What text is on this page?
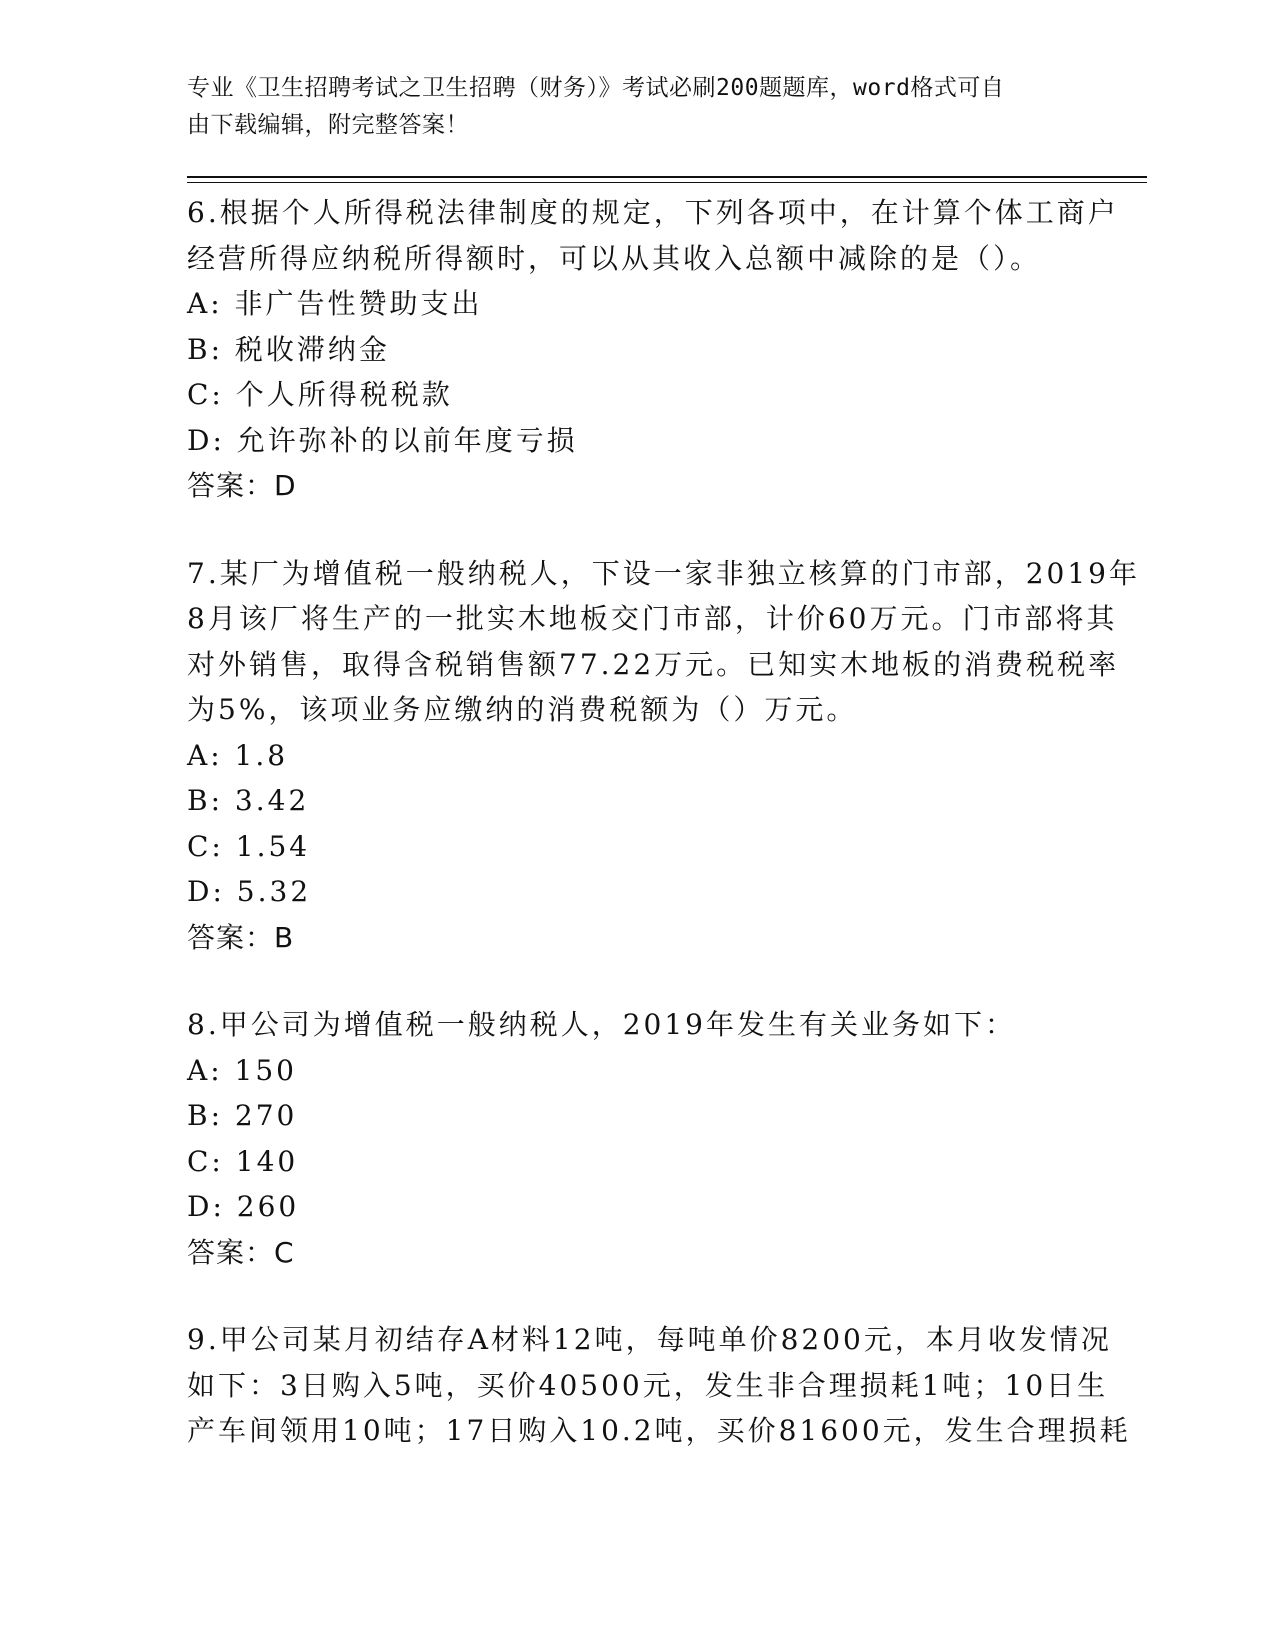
专业《卫生招聘考试之卫生招聘（财务）》考试必刷200题题库，word格式可自
由下载编辑，附完整答案！
6.根据个人所得税法律制度的规定，下列各项中，在计算个体工商户
经营所得应纳税所得额时，可以从其收入总额中减除的是（）。
A: 非广告性赞助支出
B: 税收滞纳金
C: 个人所得税税款
D: 允许弥补的以前年度亏损
答案：D
7.某厂为增值税一般纳税人，下设一家非独立核算的门市部，2019年
8月该厂将生产的一批实木地板交门市部，计价60万元。门市部将其
对外销售，取得含税销售额77.22万元。已知实木地板的消费税税率
为5%，该项业务应缴纳的消费税额为（）万元。
A: 1.8
B: 3.42
C: 1.54
D: 5.32
答案：B
8.甲公司为增值税一般纳税人，2019年发生有关业务如下：
A: 150
B: 270
C: 140
D: 260
答案：C
9.甲公司某月初结存A材料12吨，每吨单价8200元，本月收发情况
如下：3日购入5吨，买价40500元，发生非合理损耗1吨；10日生
产车间领用10吨；17日购入10.2吨，买价81600元，发生合理损耗
